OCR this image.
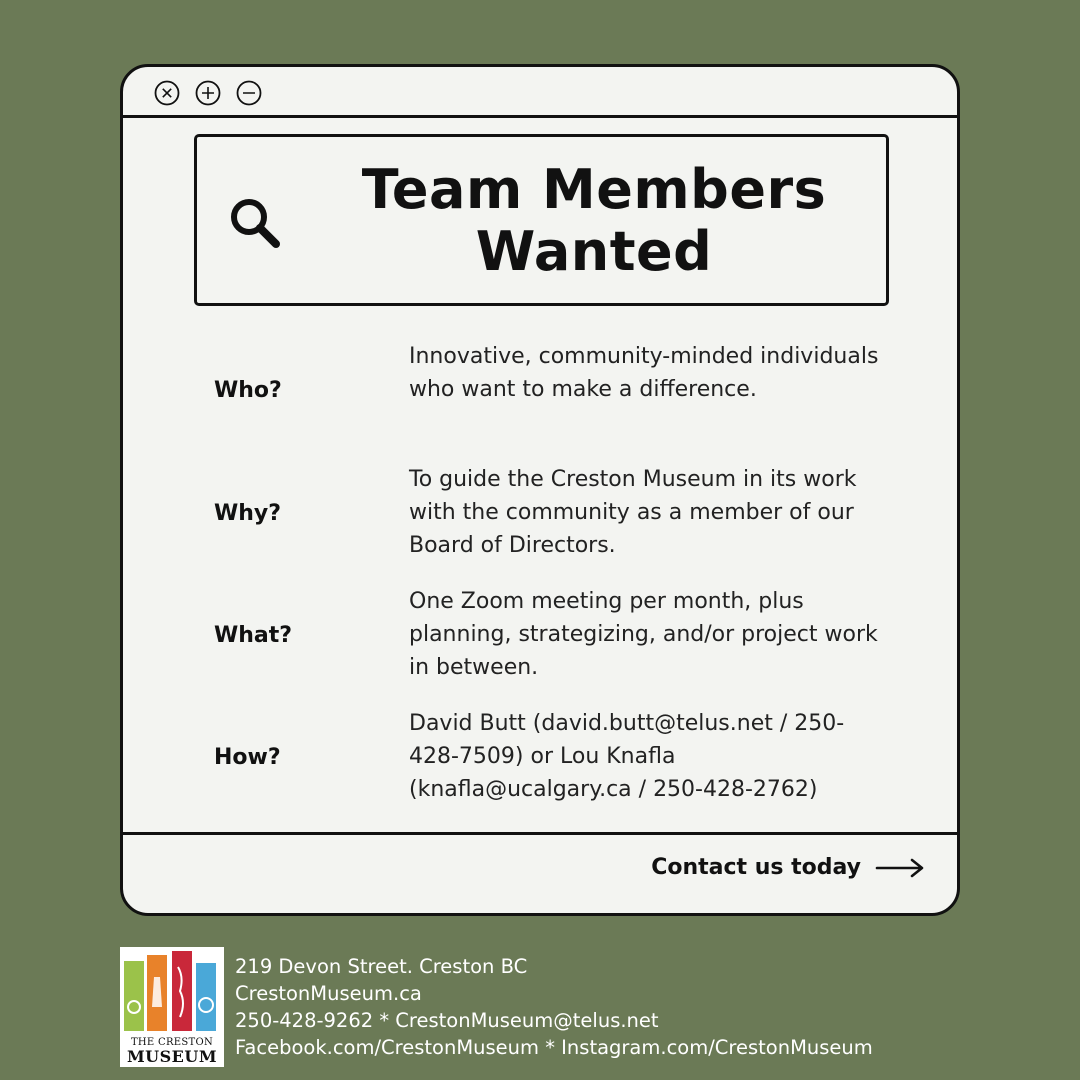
Team Members
Wanted
Who?
Innovative, community-minded individuals who want to make a difference.
Why?
To guide the Creston Museum in its work with the community as a member of our Board of Directors.
What?
One Zoom meeting per month, plus planning, strategizing, and/or project work in between.
How?
David Butt (david.butt@telus.net / 250-428-7509) or Lou Knafla (knafla@ucalgary.ca / 250-428-2762)
Contact us today
THE CRESTON
MUSEUM
219 Devon Street. Creston BC
CrestonMuseum.ca
250-428-9262 * CrestonMuseum@telus.net
Facebook.com/CrestonMuseum * Instagram.com/CrestonMuseum
